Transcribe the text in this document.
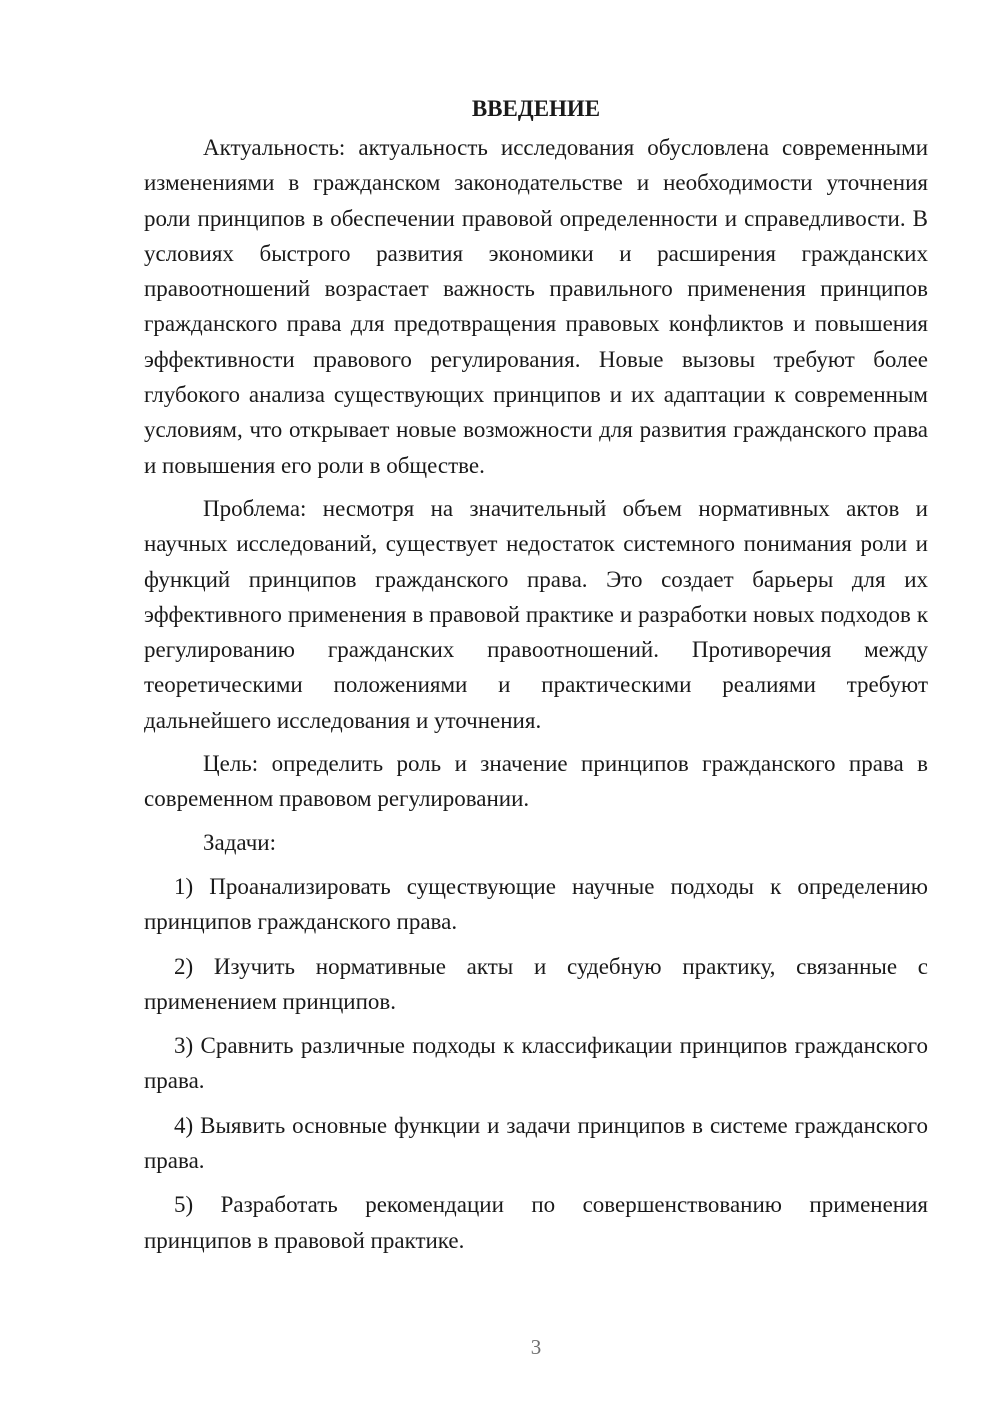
ВВЕДЕНИЕ

Актуальность: актуальность исследования обусловлена современными изменениями в гражданском законодательстве и необходимости уточнения роли принципов в обеспечении правовой определенности и справедливости. В условиях быстрого развития экономики и расширения гражданских правоотношений возрастает важность правильного применения принципов гражданского права для предотвращения правовых конфликтов и повышения эффективности правового регулирования. Новые вызовы требуют более глубокого анализа существующих принципов и их адаптации к современным условиям, что открывает новые возможности для развития гражданского права и повышения его роли в обществе.

Проблема: несмотря на значительный объем нормативных актов и научных исследований, существует недостаток системного понимания роли и функций принципов гражданского права. Это создает барьеры для их эффективного применения в правовой практике и разработки новых подходов к регулированию гражданских правоотношений. Противоречия между теоретическими положениями и практическими реалиями требуют дальнейшего исследования и уточнения.

Цель: определить роль и значение принципов гражданского права в современном правовом регулировании.

Задачи:

1) Проанализировать существующие научные подходы к определению принципов гражданского права.
2) Изучить нормативные акты и судебную практику, связанные с применением принципов.
3) Сравнить различные подходы к классификации принципов гражданского права.
4) Выявить основные функции и задачи принципов в системе гражданского права.
5) Разработать рекомендации по совершенствованию применения принципов в правовой практике.
3
